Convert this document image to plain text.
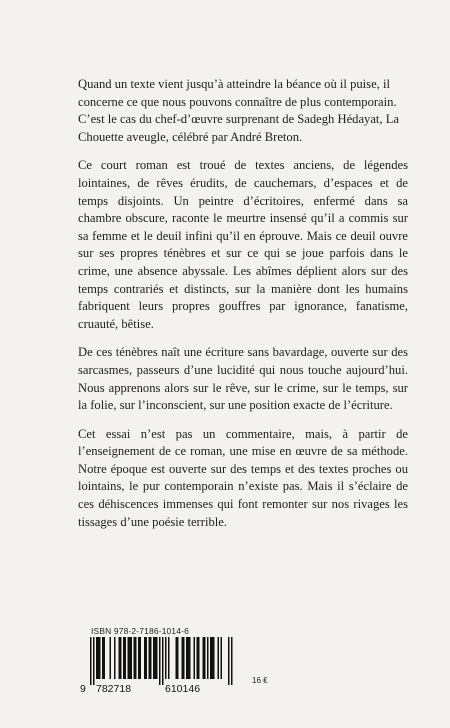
Quand un texte vient jusqu’à atteindre la béance où il puise, il concerne ce que nous pouvons connaître de plus contemporain. C’est le cas du chef-d’œuvre surprenant de Sadegh Hédayat, La Chouette aveugle, célébré par André Breton.

Ce court roman est troué de textes anciens, de légendes lointaines, de rêves érudits, de cauchemars, d’espaces et de temps disjoints. Un peintre d’écritoires, enfermé dans sa chambre obscure, raconte le meurtre insensé qu’il a commis sur sa femme et le deuil infini qu’il en éprouve. Mais ce deuil ouvre sur ses propres ténèbres et sur ce qui se joue parfois dans le crime, une absence abyssale. Les abîmes déplient alors sur des temps contrariés et distincts, sur la manière dont les humains fabriquent leurs propres gouffres par ignorance, fanatisme, cruauté, bêtise.

De ces ténèbres naît une écriture sans bavardage, ouverte sur des sarcasmes, passeurs d’une lucidité qui nous touche aujourd’hui. Nous apprenons alors sur le rêve, sur le crime, sur le temps, sur la folie, sur l’inconscient, sur une position exacte de l’écriture.

Cet essai n’est pas un commentaire, mais, à partir de l’enseignement de ce roman, une mise en œuvre de sa méthode. Notre époque est ouverte sur des temps et des textes proches ou lointains, le pur contemporain n’existe pas. Mais il s’éclaire de ces déhiscences immenses qui font remonter sur nos rivages les tissages d’une poésie terrible.

ISBN 978-2-7186-1014-6
9 782718	610146
16 €
